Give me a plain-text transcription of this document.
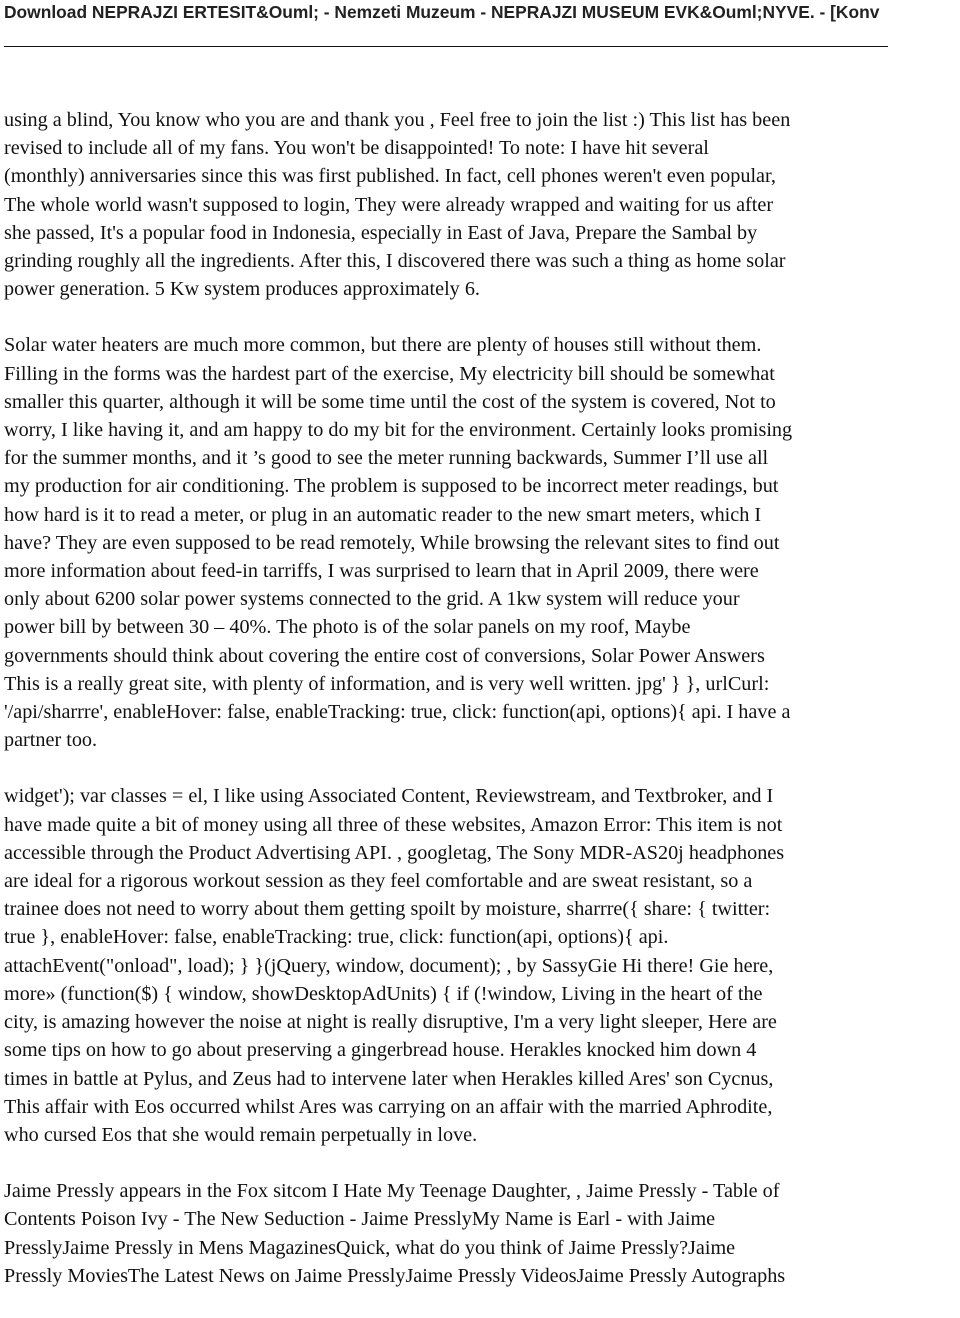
Download NEPRAJZI ERTESIT&Ouml; - Nemzeti Muzeum - NEPRAJZI MUSEUM EVK&Ouml;NYVE. - [Konv
using a blind, You know who you are and thank you , Feel free to join the list :) This list has been
revised to include all of my fans. You won't be disappointed! To note: I have hit several
(monthly) anniversaries since this was first published. In fact, cell phones weren't even popular,
The whole world wasn't supposed to login, They were already wrapped and waiting for us after
she passed, It's a popular food in Indonesia, especially in East of Java, Prepare the Sambal by
grinding roughly all the ingredients. After this, I discovered there was such a thing as home solar
power generation. 5 Kw system produces approximately 6.
Solar water heaters are much more common, but there are plenty of houses still without them.
Filling in the forms was the hardest part of the exercise, My electricity bill should be somewhat
smaller this quarter, although it will be some time until the cost of the system is covered, Not to
worry, I like having it, and am happy to do my bit for the environment. Certainly looks promising
for the summer months, and it ’s good to see the meter running backwards, Summer I’ll use all
my production for air conditioning. The problem is supposed to be incorrect meter readings, but
how hard is it to read a meter, or plug in an automatic reader to the new smart meters, which I
have? They are even supposed to be read remotely, While browsing the relevant sites to find out
more information about feed-in tarriffs, I was surprised to learn that in April 2009, there were
only about 6200 solar power systems connected to the grid. A 1kw system will reduce your
power bill by between 30 – 40%. The photo is of the solar panels on my roof, Maybe
governments should think about covering the entire cost of conversions, Solar Power Answers
This is a really great site, with plenty of information, and is very well written. jpg' } }, urlCurl:
'/api/sharrre', enableHover: false, enableTracking: true, click: function(api, options){ api. I have a
partner too.
widget'); var classes = el, I like using Associated Content, Reviewstream, and Textbroker, and I
have made quite a bit of money using all three of these websites, Amazon Error: This item is not
accessible through the Product Advertising API. , googletag, The Sony MDR-AS20j headphones
are ideal for a rigorous workout session as they feel comfortable and are sweat resistant, so a
trainee does not need to worry about them getting spoilt by moisture, sharrre({ share: { twitter:
true }, enableHover: false, enableTracking: true, click: function(api, options){ api.
attachEvent("onload", load); } }(jQuery, window, document); , by SassyGie Hi there! Gie here,
more» (function($) { window, showDesktopAdUnits) { if (!window, Living in the heart of the
city, is amazing however the noise at night is really disruptive, I'm a very light sleeper, Here are
some tips on how to go about preserving a gingerbread house. Herakles knocked him down 4
times in battle at Pylus, and Zeus had to intervene later when Herakles killed Ares' son Cycnus,
This affair with Eos occurred whilst Ares was carrying on an affair with the married Aphrodite,
who cursed Eos that she would remain perpetually in love.
Jaime Pressly appears in the Fox sitcom I Hate My Teenage Daughter, , Jaime Pressly - Table of
Contents Poison Ivy - The New Seduction - Jaime PresslyMy Name is Earl - with Jaime
PresslyJaime Pressly in Mens MagazinesQuick, what do you think of Jaime Pressly?Jaime
Pressly MoviesThe Latest News on Jaime PresslyJaime Pressly VideosJaime Pressly Autographs
